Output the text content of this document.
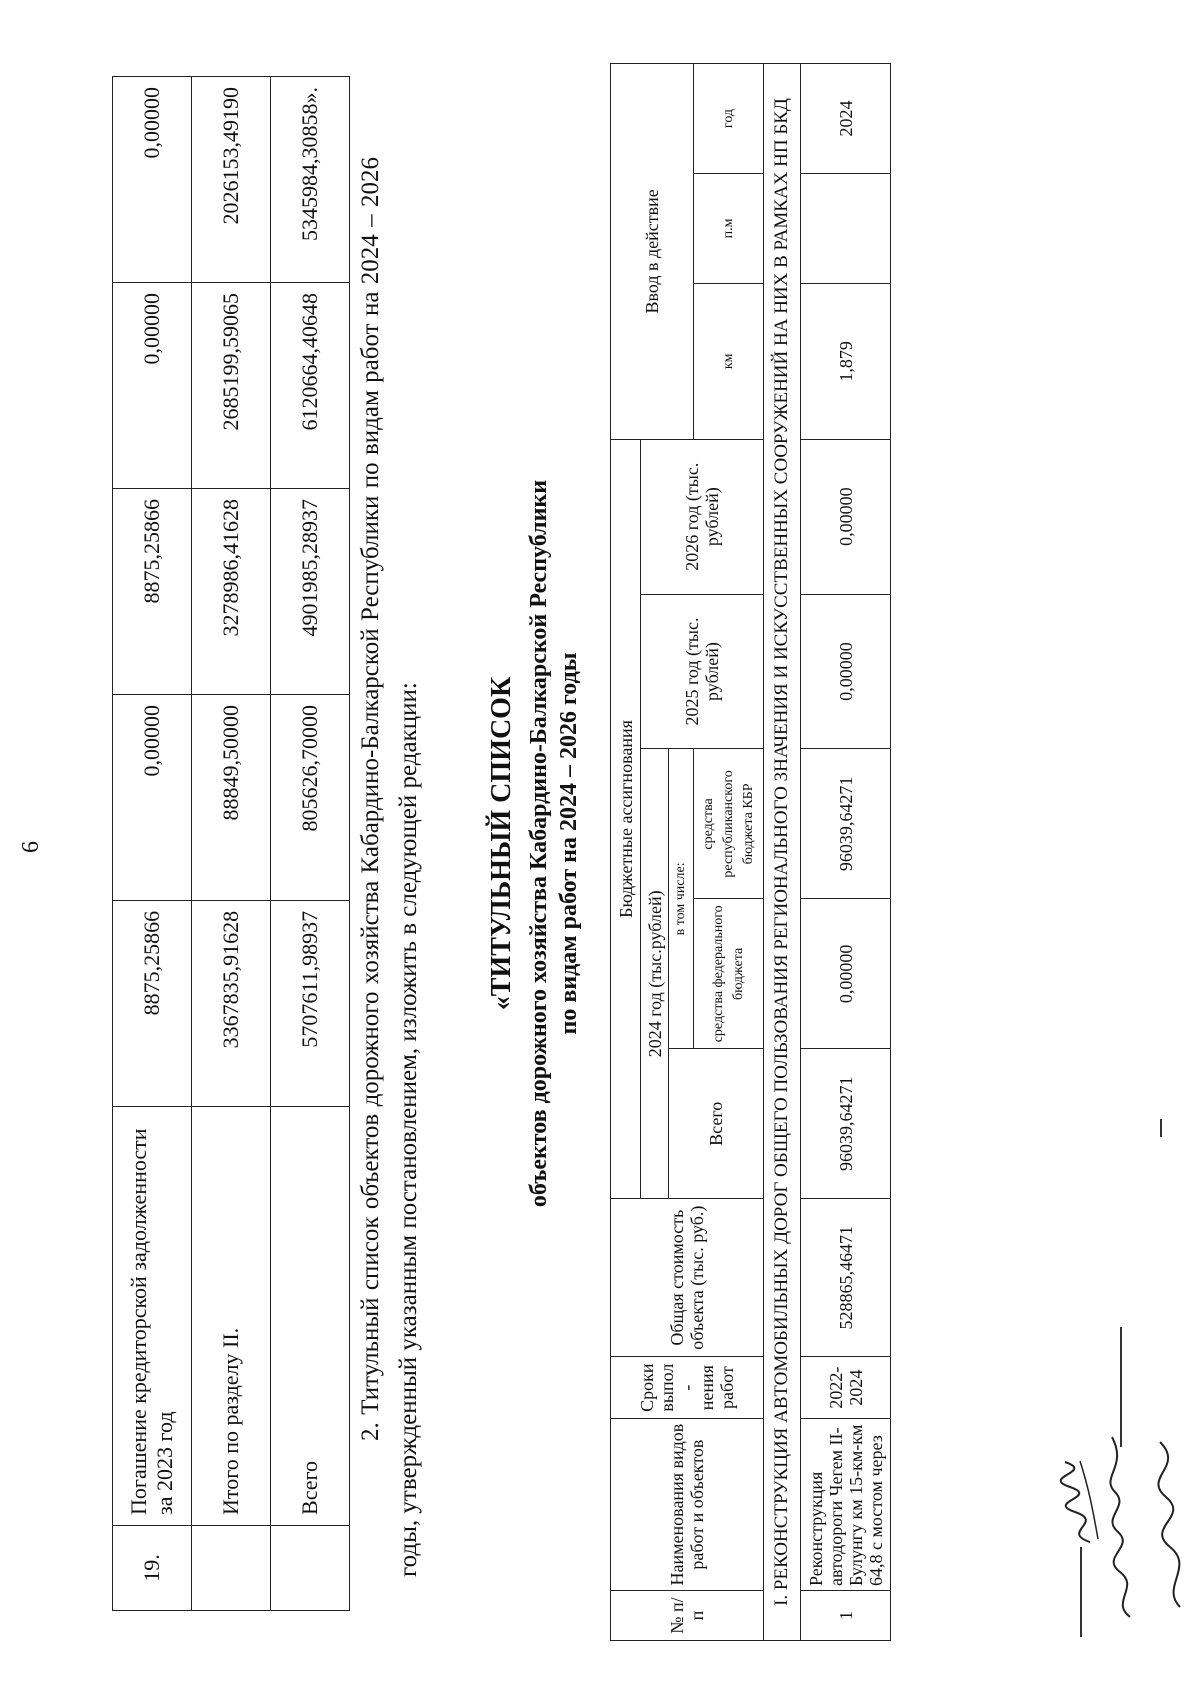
6
19.	Погашение кредиторской задолженности за 2023 год	8875,25866	0,00000	8875,25866	0,00000	0,00000
	Итого по разделу II.	3367835,91628	88849,50000	3278986,41628	2685199,59065	2026153,49190
	Всего	5707611,98937	805626,70000	4901985,28937	6120664,40648	5345984,30858». 2. Титульный список объектов дорожного хозяйства Кабардино-Балкарской Республики по видам работ на 2024 – 2026 годы, утвержденный указанным постановлением, изложить в следующей редакции: «ТИТУЛЬНЫЙ СПИСОК объектов дорожного хозяйства Кабардино-Балкарской Республики по видам работ на 2024 – 2026 годы
№ п/п	Наименования видов работ и объектов	Сроки выпол - нения работ	Общая стоимость объекта (тыс. руб.)	Бюджетные ассигнования					Ввод в действие		
				2024 год (тыс.рублей)			2025 год (тыс. рублей)	2026 год (тыс. рублей)			
				Всего	в том числе:						
					средства федерального бюджета	средства республиканского бюджета КБР			км	п.м	год
I. РЕКОНСТРУКЦИЯ АВТОМОБИЛЬНЫХ ДОРОГ ОБЩЕГО ПОЛЬЗОВАНИЯ РЕГИОНАЛЬНОГО ЗНАЧЕНИЯ И ИСКУССТВЕННЫХ СООРУЖЕНИЙ НА НИХ В РАМКАХ НП БКД											
1	Реконструкция автодороги Чегем II-Булунгу км 15-км-км 64,8 с мостом через	2022-2024	528865,46471	96039,64271	0,00000	96039,64271	0,00000	0,00000	1,879		2024
